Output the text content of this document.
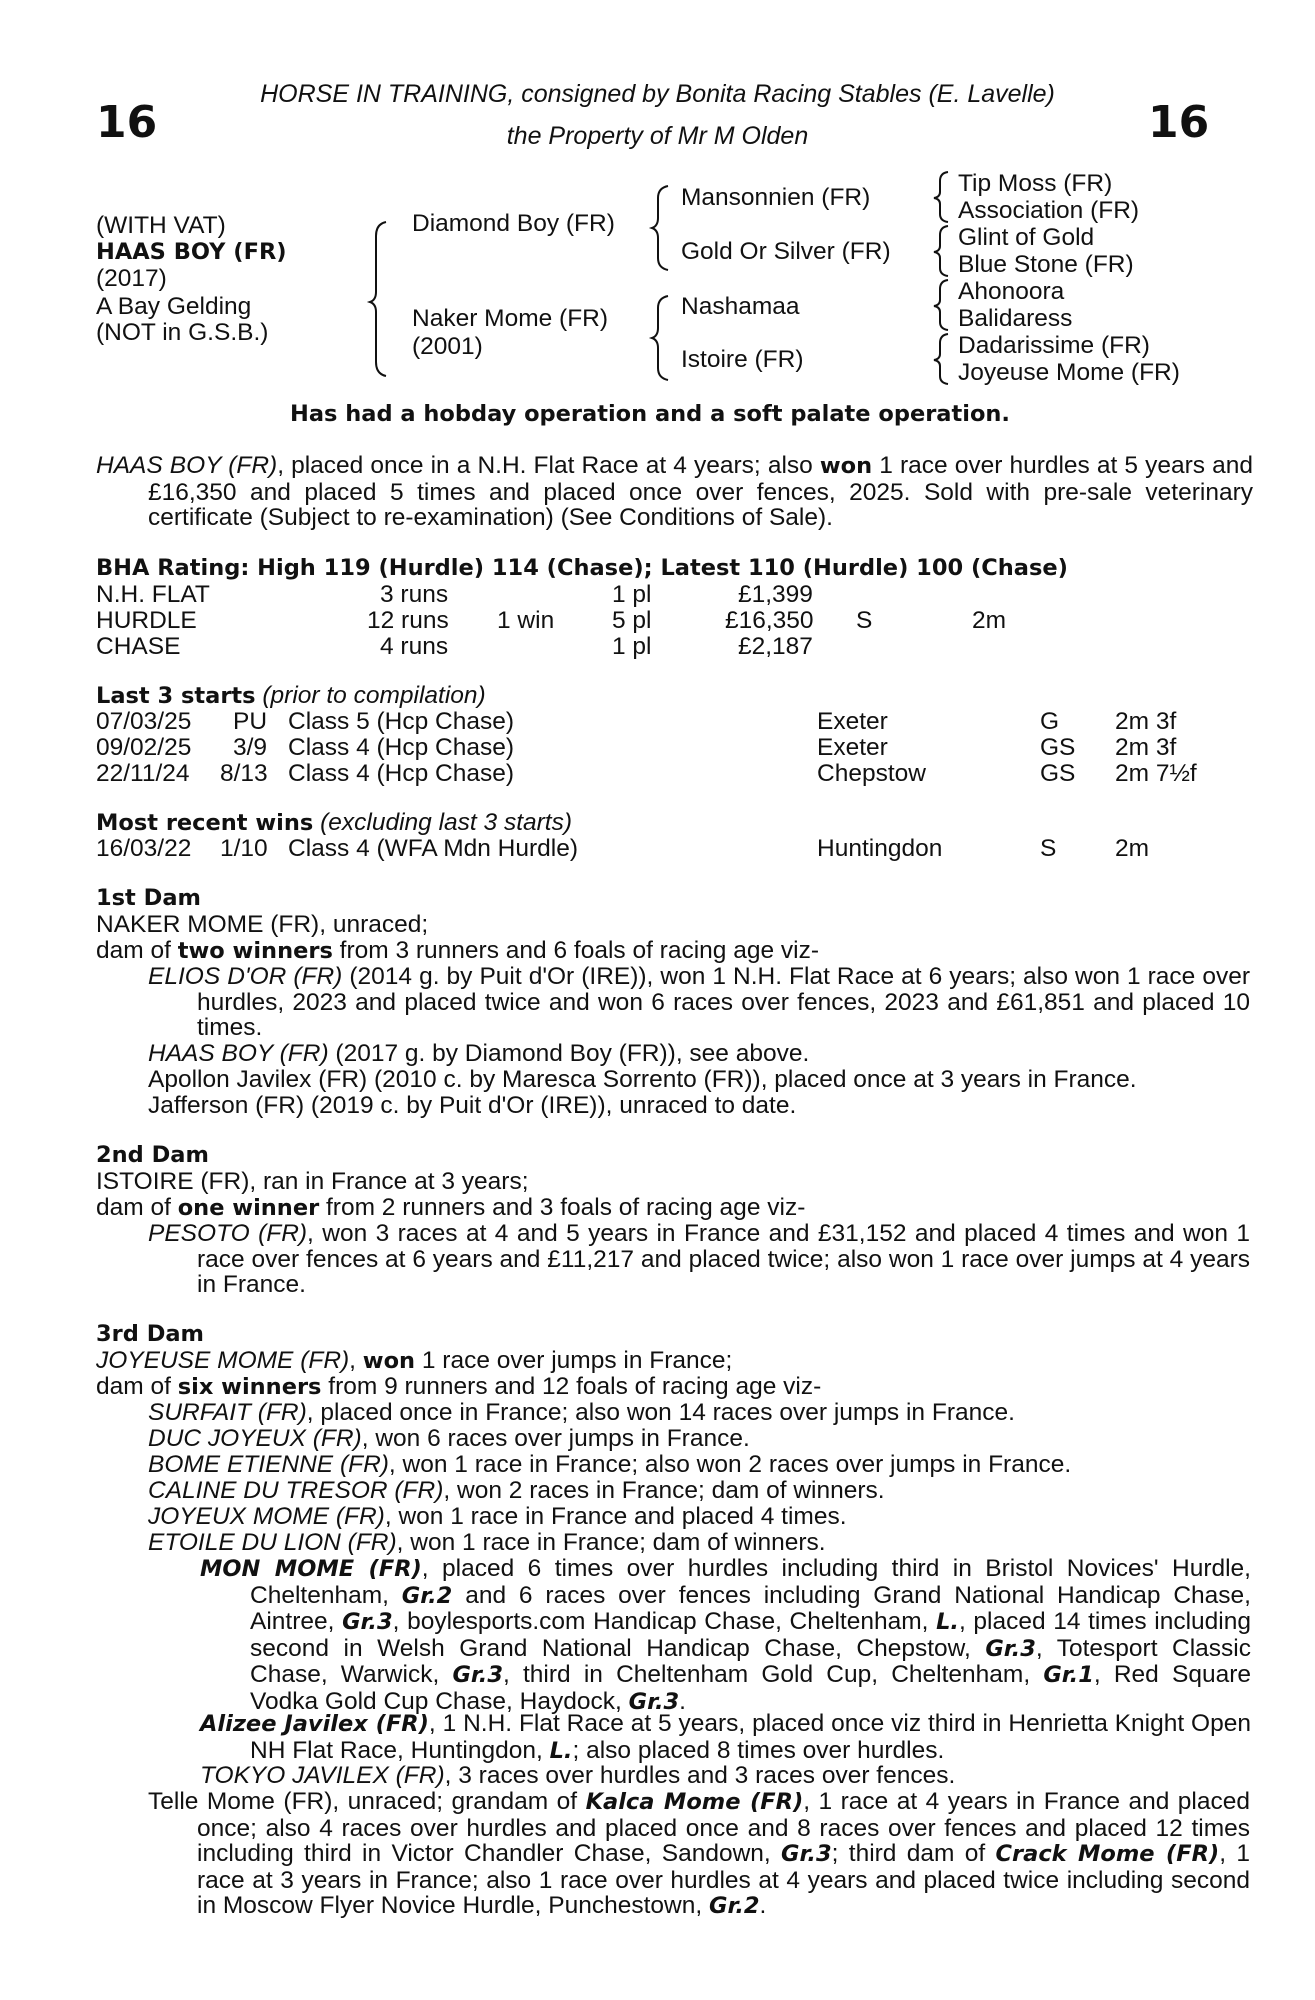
HORSE IN TRAINING, consigned by Bonita Racing Stables (E. Lavelle)
the Property of Mr M Olden
16	16
(WITH VAT)
HAAS BOY (FR)
(2017)
A Bay Gelding
(NOT in G.S.B.)
Diamond Boy (FR)
Naker Mome (FR)
(2001)
Mansonnien (FR)
Gold Or Silver (FR)
Nashamaa
Istoire (FR)
Tip Moss (FR)
Association (FR)
Glint of Gold
Blue Stone (FR)
Ahonoora
Balidaress
Dadarissime (FR)
Joyeuse Mome (FR)
Has had a hobday operation and a soft palate operation.
HAAS BOY (FR), placed once in a N.H. Flat Race at 4 years; also won 1 race over hurdles at 5 years and £16,350 and placed 5 times and placed once over fences, 2025. Sold with pre-sale veterinary certificate (Subject to re-examination) (See Conditions of Sale).
BHA Rating: High 119 (Hurdle) 114 (Chase); Latest 110 (Hurdle) 100 (Chase)
N.H. FLAT	3 runs	1 pl	£1,399
HURDLE	12 runs 1 win 5 pl	£16,350 S	2m
CHASE	4 runs	1 pl	£2,187
Last 3 starts (prior to compilation)
07/03/25 PU Class 5 (Hcp Chase)	Exeter	G 2m 3f
09/02/25 3/9 Class 4 (Hcp Chase)	Exeter	GS 2m 3f
22/11/24 8/13 Class 4 (Hcp Chase)	Chepstow	GS 2m 7½f
Most recent wins (excluding last 3 starts)
16/03/22 1/10 Class 4 (WFA Mdn Hurdle)	Huntingdon	S 2m
1st Dam
NAKER MOME (FR), unraced;
dam of two winners from 3 runners and 6 foals of racing age viz-
ELIOS D'OR (FR) (2014 g. by Puit d'Or (IRE)), won 1 N.H. Flat Race at 6 years; also won 1 race over hurdles, 2023 and placed twice and won 6 races over fences, 2023 and £61,851 and placed 10 times.
HAAS BOY (FR) (2017 g. by Diamond Boy (FR)), see above.
Apollon Javilex (FR) (2010 c. by Maresca Sorrento (FR)), placed once at 3 years in France.
Jafferson (FR) (2019 c. by Puit d'Or (IRE)), unraced to date.
2nd Dam
ISTOIRE (FR), ran in France at 3 years;
dam of one winner from 2 runners and 3 foals of racing age viz-
PESOTO (FR), won 3 races at 4 and 5 years in France and £31,152 and placed 4 times and won 1 race over fences at 6 years and £11,217 and placed twice; also won 1 race over jumps at 4 years in France.
3rd Dam
JOYEUSE MOME (FR), won 1 race over jumps in France;
dam of six winners from 9 runners and 12 foals of racing age viz-
SURFAIT (FR), placed once in France; also won 14 races over jumps in France.
DUC JOYEUX (FR), won 6 races over jumps in France.
BOME ETIENNE (FR), won 1 race in France; also won 2 races over jumps in France.
CALINE DU TRESOR (FR), won 2 races in France; dam of winners.
JOYEUX MOME (FR), won 1 race in France and placed 4 times.
ETOILE DU LION (FR), won 1 race in France; dam of winners.
MON MOME (FR), placed 6 times over hurdles including third in Bristol Novices' Hurdle, Cheltenham, Gr.2 and 6 races over fences including Grand National Handicap Chase, Aintree, Gr.3, boylesports.com Handicap Chase, Cheltenham, L., placed 14 times including second in Welsh Grand National Handicap Chase, Chepstow, Gr.3, Totesport Classic Chase, Warwick, Gr.3, third in Cheltenham Gold Cup, Cheltenham, Gr.1, Red Square Vodka Gold Cup Chase, Haydock, Gr.3.
Alizee Javilex (FR), 1 N.H. Flat Race at 5 years, placed once viz third in Henrietta Knight Open NH Flat Race, Huntingdon, L.; also placed 8 times over hurdles.
TOKYO JAVILEX (FR), 3 races over hurdles and 3 races over fences.
Telle Mome (FR), unraced; grandam of Kalca Mome (FR), 1 race at 4 years in France and placed once; also 4 races over hurdles and placed once and 8 races over fences and placed 12 times including third in Victor Chandler Chase, Sandown, Gr.3; third dam of Crack Mome (FR), 1 race at 3 years in France; also 1 race over hurdles at 4 years and placed twice including second in Moscow Flyer Novice Hurdle, Punchestown, Gr.2.
